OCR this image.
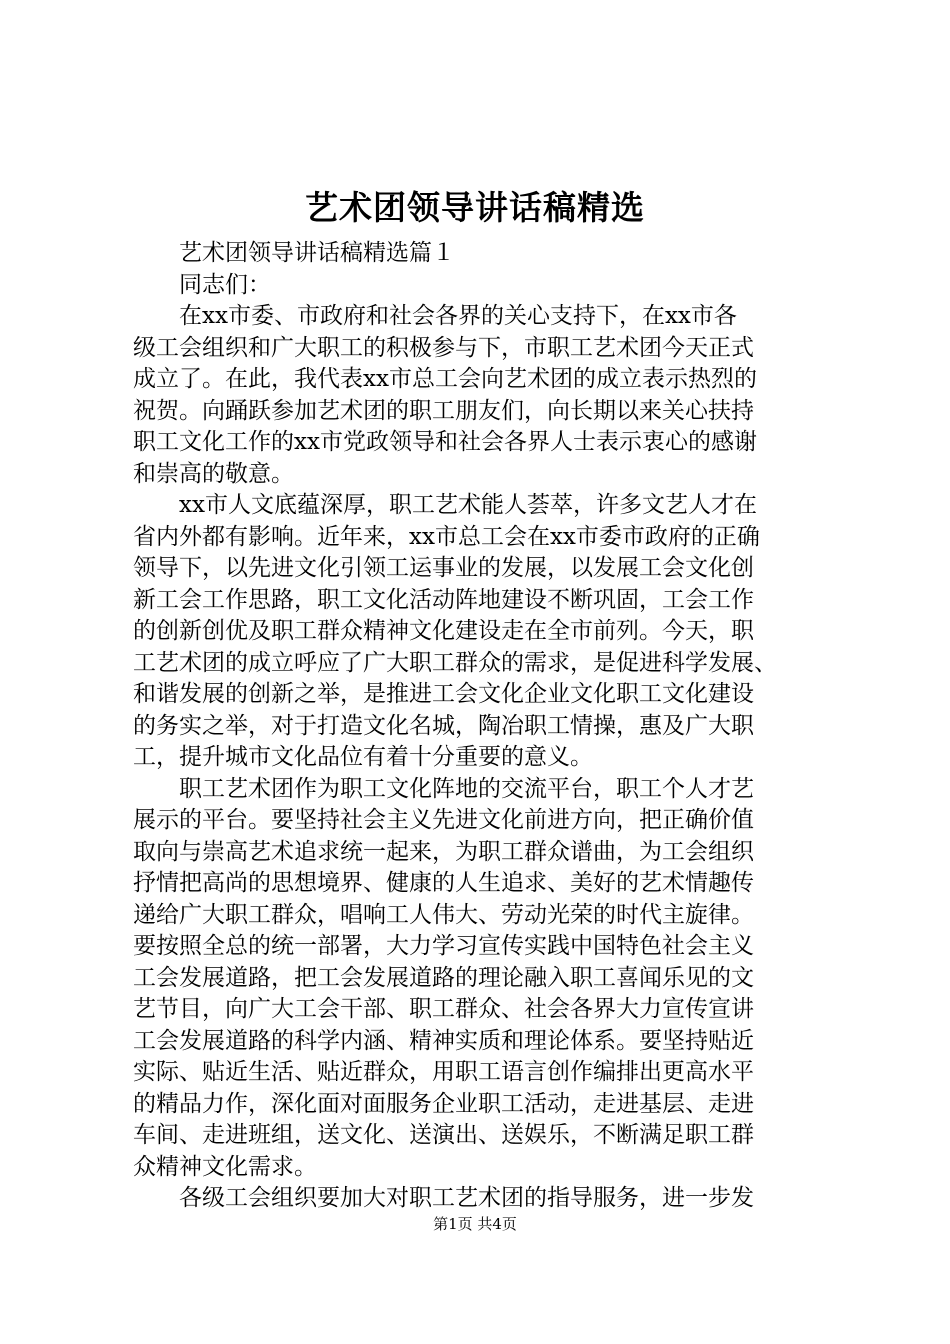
艺术团领导讲话稿精选
艺术团领导讲话稿精选篇１
同志们：
在xx市委、市政府和社会各界的关心支持下，在xx市各
级工会组织和广大职工的积极参与下，市职工艺术团今天正式
成立了。在此，我代表xx市总工会向艺术团的成立表示热烈的
祝贺。向踊跃参加艺术团的职工朋友们，向长期以来关心扶持
职工文化工作的xx市党政领导和社会各界人士表示衷心的感谢
和崇高的敬意。
xx市人文底蕴深厚，职工艺术能人荟萃，许多文艺人才在
省内外都有影响。近年来，xx市总工会在xx市委市政府的正确
领导下，以先进文化引领工运事业的发展，以发展工会文化创
新工会工作思路，职工文化活动阵地建设不断巩固，工会工作
的创新创优及职工群众精神文化建设走在全市前列。今天，职
工艺术团的成立呼应了广大职工群众的需求，是促进科学发展、
和谐发展的创新之举，是推进工会文化企业文化职工文化建设
的务实之举，对于打造文化名城，陶冶职工情操，惠及广大职
工，提升城市文化品位有着十分重要的意义。
职工艺术团作为职工文化阵地的交流平台，职工个人才艺
展示的平台。要坚持社会主义先进文化前进方向，把正确价值
取向与崇高艺术追求统一起来，为职工群众谱曲，为工会组织
抒情把高尚的思想境界、健康的人生追求、美好的艺术情趣传
递给广大职工群众，唱响工人伟大、劳动光荣的时代主旋律。
要按照全总的统一部署，大力学习宣传实践中国特色社会主义
工会发展道路，把工会发展道路的理论融入职工喜闻乐见的文
艺节目，向广大工会干部、职工群众、社会各界大力宣传宣讲
工会发展道路的科学内涵、精神实质和理论体系。要坚持贴近
实际、贴近生活、贴近群众，用职工语言创作编排出更高水平
的精品力作，深化面对面服务企业职工活动，走进基层、走进
车间、走进班组，送文化、送演出、送娱乐，不断满足职工群
众精神文化需求。
各级工会组织要加大对职工艺术团的指导服务，进一步发
第1页 共4页
